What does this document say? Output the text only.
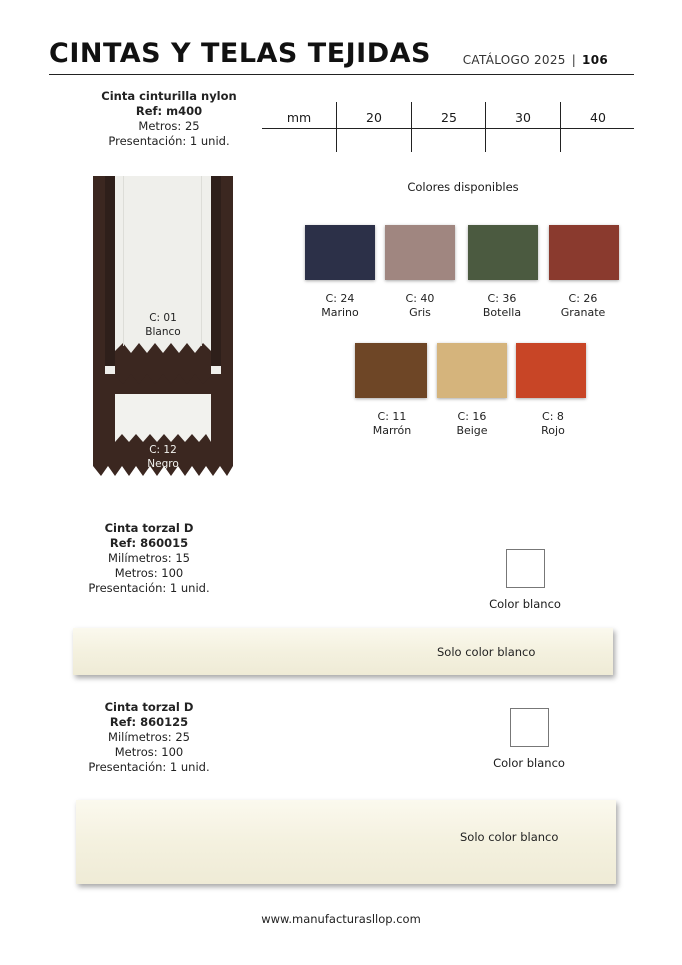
CINTAS Y TELAS TEJIDAS	CATÁLOGO 2025 | 106
Cinta cinturilla nylon
Ref: m400
Metros: 25
Presentación: 1 unid.
mm	20	25	30	40
C: 01
Blanco
C: 12
Negro
Colores disponibles
C: 24
Marino
C: 40
Gris
C: 36
Botella
C: 26
Granate
C: 11
Marrón
C: 16
Beige
C: 8
Rojo
Cinta torzal D
Ref: 860015
Milímetros: 15
Metros: 100
Presentación: 1 unid.
Color blanco
Solo color blanco
Cinta torzal D
Ref: 860125
Milímetros: 25
Metros: 100
Presentación: 1 unid.	Color blanco
Solo color blanco
www.manufacturasllop.com
